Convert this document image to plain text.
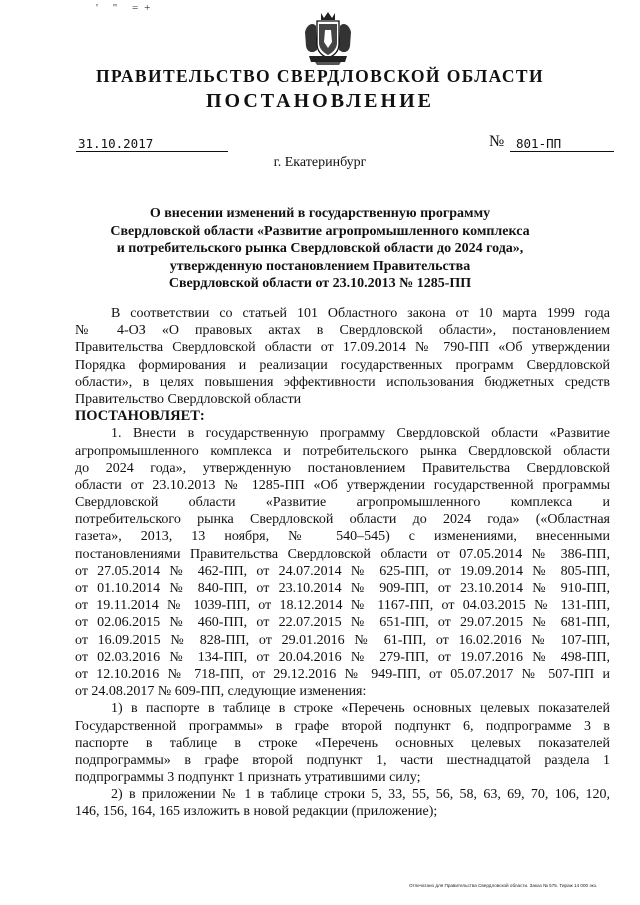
' " =+
ПРАВИТЕЛЬСТВО СВЕРДЛОВСКОЙ ОБЛАСТИ
ПОСТАНОВЛЕНИЕ
31.10.2017	№ 801-ПП
г. Екатеринбург
О внесении изменений в государственную программу
Свердловской области «Развитие агропромышленного комплекса
и потребительского рынка Свердловской области до 2024 года»,
утвержденную постановлением Правительства
Свердловской области от 23.10.2013 № 1285-ПП
В соответствии со статьей 101 Областного закона от 10 марта 1999 года
№ 4-ОЗ «О правовых актах в Свердловской области», постановлением
Правительства Свердловской области от 17.09.2014 № 790-ПП «Об утверждении
Порядка формирования и реализации государственных программ Свердловской
области», в целях повышения эффективности использования бюджетных средств
Правительство Свердловской области
ПОСТАНОВЛЯЕТ:
1. Внести в государственную программу Свердловской области «Развитие
агропромышленного комплекса и потребительского рынка Свердловской области
до 2024 года», утвержденную постановлением Правительства Свердловской
области от 23.10.2013 № 1285-ПП «Об утверждении государственной программы
Свердловской области «Развитие агропромышленного комплекса и
потребительского рынка Свердловской области до 2024 года» («Областная
газета», 2013, 13 ноября, № 540–545) с изменениями, внесенными
постановлениями Правительства Свердловской области от 07.05.2014 № 386-ПП,
от 27.05.2014 № 462-ПП, от 24.07.2014 № 625-ПП, от 19.09.2014 № 805-ПП,
от 01.10.2014 № 840-ПП, от 23.10.2014 № 909-ПП, от 23.10.2014 № 910-ПП,
от 19.11.2014 № 1039-ПП, от 18.12.2014 № 1167-ПП, от 04.03.2015 № 131-ПП,
от 02.06.2015 № 460-ПП, от 22.07.2015 № 651-ПП, от 29.07.2015 № 681-ПП,
от 16.09.2015 № 828-ПП, от 29.01.2016 № 61-ПП, от 16.02.2016 № 107-ПП,
от 02.03.2016 № 134-ПП, от 20.04.2016 № 279-ПП, от 19.07.2016 № 498-ПП,
от 12.10.2016 № 718-ПП, от 29.12.2016 № 949-ПП, от 05.07.2017 № 507-ПП и
от 24.08.2017 № 609-ПП, следующие изменения:
1) в паспорте в таблице в строке «Перечень основных целевых показателей
Государственной программы» в графе второй подпункт 6, подпрограмме 3 в
паспорте в таблице в строке «Перечень основных целевых показателей
подпрограммы» в графе второй подпункт 1, части шестнадцатой раздела 1
подпрограммы 3 подпункт 1 признать утратившими силу;
2) в приложении № 1 в таблице строки 5, 33, 55, 56, 58, 63, 69, 70, 106, 120,
146, 156, 164, 165 изложить в новой редакции (приложение);
Отпечатано для Правительства Свердловской области. Заказ № 575. Тираж 14 000 экз.
